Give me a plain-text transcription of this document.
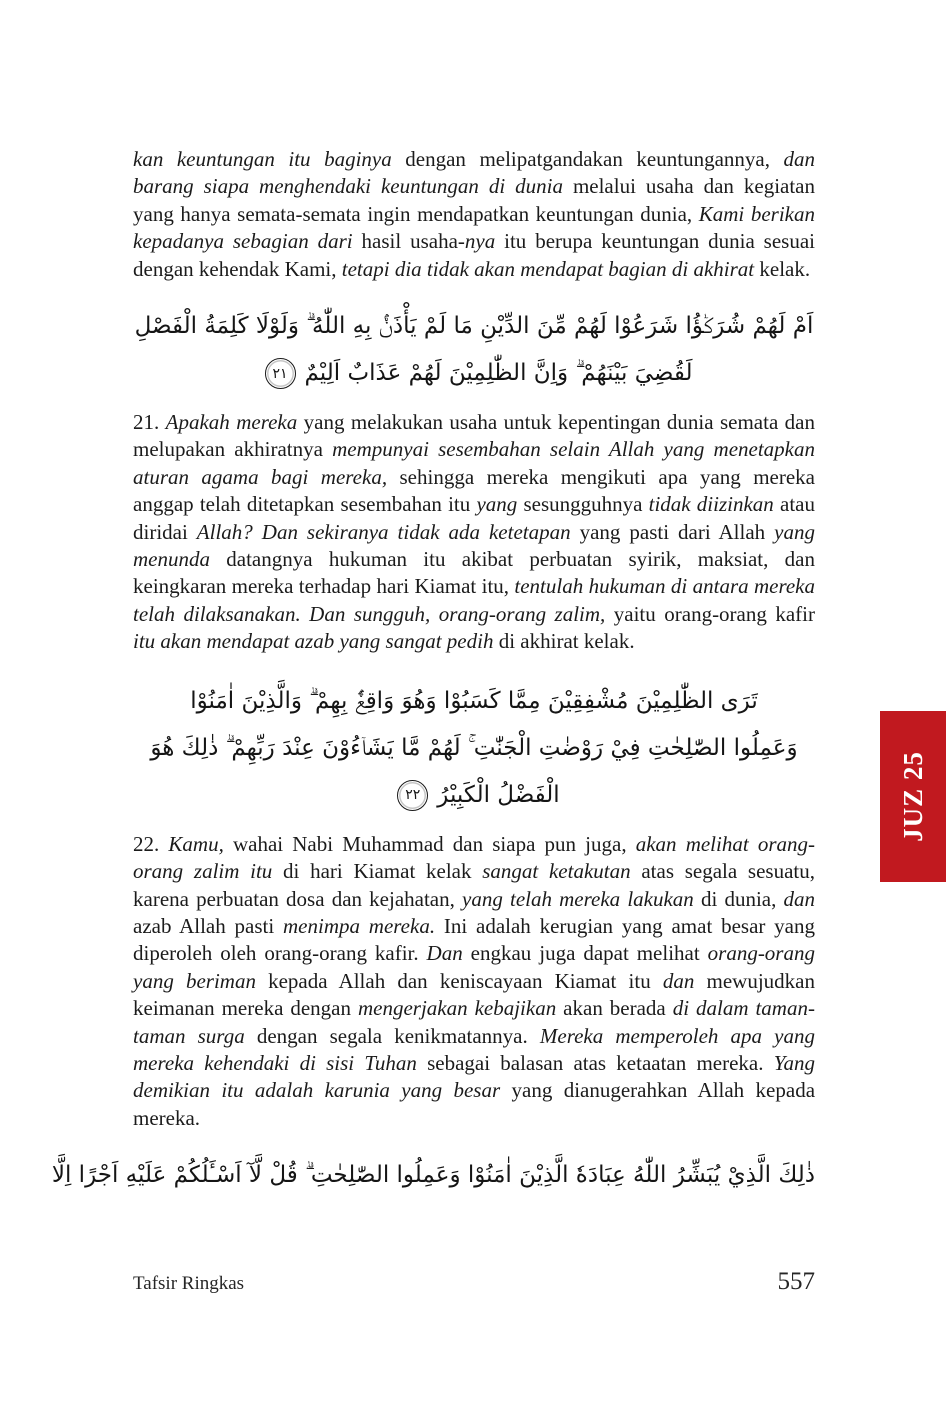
kan keuntungan itu baginya dengan melipatgandakan keuntungannya, dan barang siapa menghendaki keuntungan di dunia melalui usaha dan kegiatan yang hanya semata-semata ingin mendapatkan keuntungan dunia, Kami berikan kepadanya sebagian dari hasil usaha-nya itu berupa keuntungan dunia sesuai dengan kehendak Kami, tetapi dia tidak akan mendapat bagian di akhirat kelak.

اَمْ لَهُمْ شُرَكٰۤؤُا شَرَعُوْا لَهُمْ مِّنَ الدِّيْنِ مَا لَمْ يَأْذَنْۢ بِهِ اللّٰهُ ۗ وَلَوْلَا كَلِمَةُ الْفَصْلِ
لَقُضِيَ بَيْنَهُمْ ۗ وَاِنَّ الظّٰلِمِيْنَ لَهُمْ عَذَابٌ اَلِيْمٌ٢١

21. Apakah mereka yang melakukan usaha untuk kepentingan dunia semata dan melupakan akhiratnya mempunyai sesembahan selain Allah yang menetapkan aturan agama bagi mereka, sehingga mereka mengikuti apa yang mereka anggap telah ditetapkan sesembahan itu yang sesungguhnya tidak diizinkan atau diridai Allah? Dan sekiranya tidak ada ketetapan yang pasti dari Allah yang menunda datangnya hukuman itu akibat perbuatan syirik, maksiat, dan keingkaran mereka terhadap hari Kiamat itu, tentulah hukuman di antara mereka telah dilaksanakan. Dan sungguh, orang-orang zalim, yaitu orang-orang kafir itu akan mendapat azab yang sangat pedih di akhirat kelak.

تَرَى الظّٰلِمِيْنَ مُشْفِقِيْنَ مِمَّا كَسَبُوْا وَهُوَ وَاقِعٌۢ بِهِمْ ۗ وَالَّذِيْنَ اٰمَنُوْا
وَعَمِلُوا الصّٰلِحٰتِ فِيْ رَوْضٰتِ الْجَنّٰتِ ۚ لَهُمْ مَّا يَشَاۤءُوْنَ عِنْدَ رَبِّهِمْ ۗ ذٰلِكَ هُوَ
الْفَضْلُ الْكَبِيْرُ٢٢

22. Kamu, wahai Nabi Muhammad dan siapa pun juga, akan melihat orang-orang zalim itu di hari Kiamat kelak sangat ketakutan atas segala sesuatu, karena perbuatan dosa dan kejahatan, yang telah mereka lakukan di dunia, dan azab Allah pasti menimpa mereka. Ini adalah kerugian yang amat besar yang diperoleh oleh orang-orang kafir. Dan engkau juga dapat melihat orang-orang yang beriman kepada Allah dan keniscayaan Kiamat itu dan mewujudkan keimanan mereka dengan mengerjakan kebajikan akan berada di dalam taman-taman surga dengan segala kenikmatannya. Mereka memperoleh apa yang mereka kehendaki di sisi Tuhan sebagai balasan atas ketaatan mereka. Yang demikian itu adalah karunia yang besar yang dianugerahkan Allah kepada mereka.

ذٰلِكَ الَّذِيْ يُبَشِّرُ اللّٰهُ عِبَادَهٗ الَّذِيْنَ اٰمَنُوْا وَعَمِلُوا الصّٰلِحٰتِ ۗ قُلْ لَّآ اَسْـَٔلُكُمْ عَلَيْهِ اَجْرًا اِلَّا
JUZ 25
Tafsir Ringkas	557
